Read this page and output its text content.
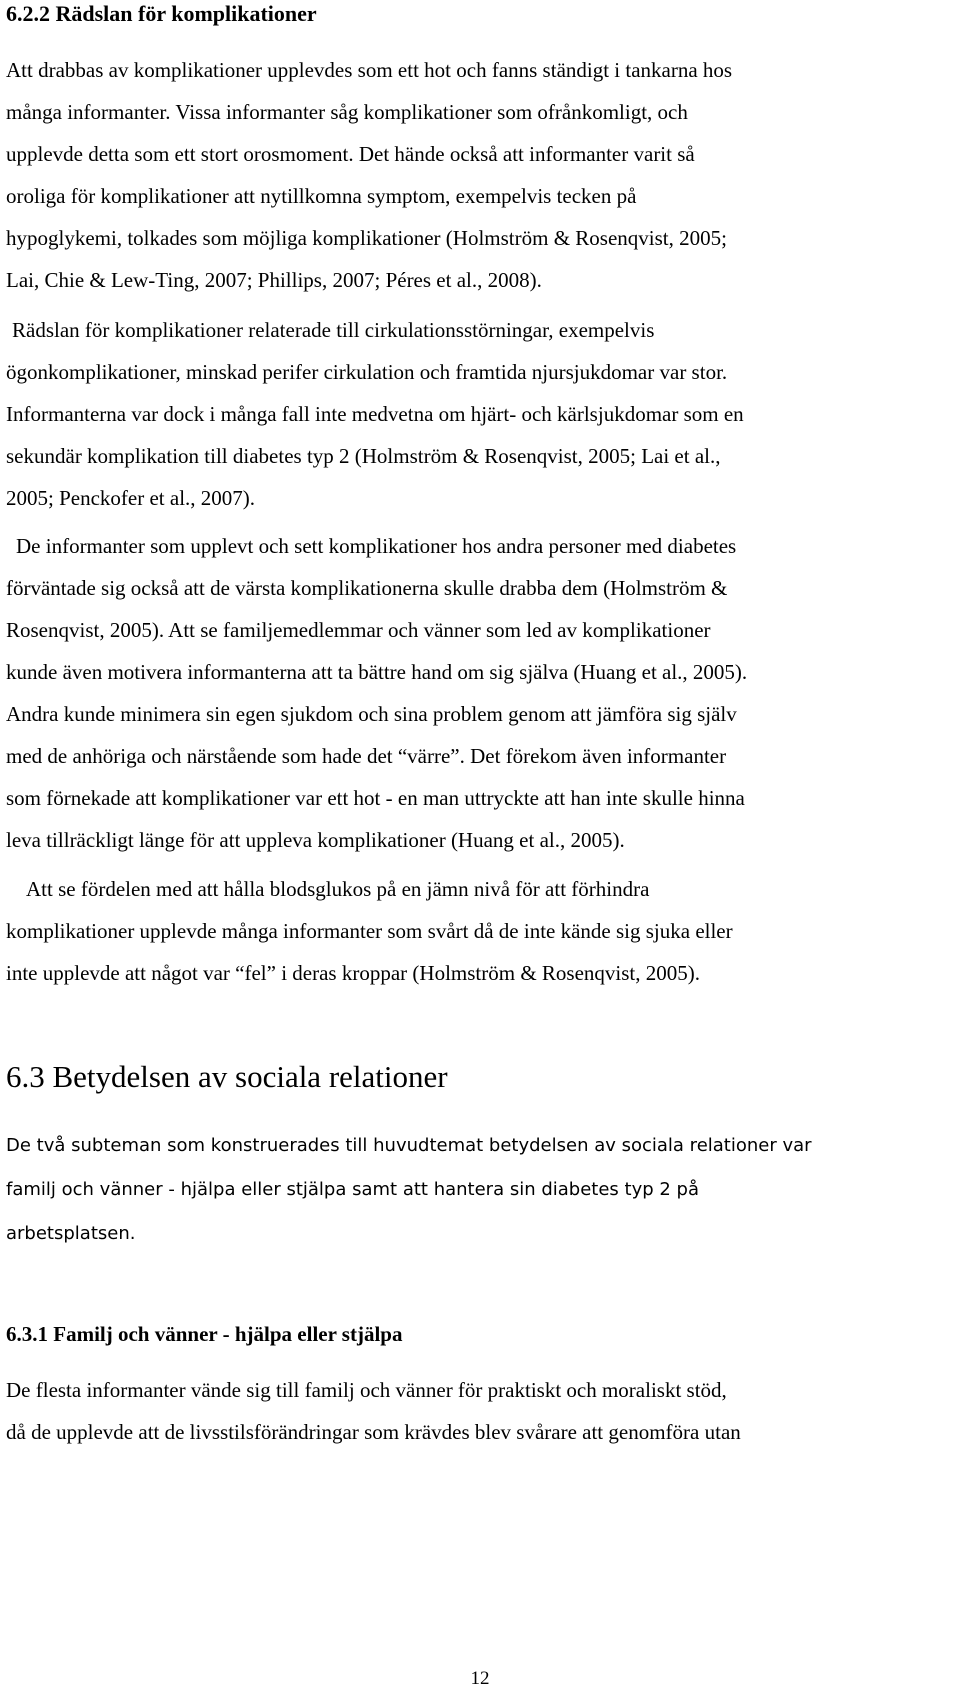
6.2.2 Rädslan för komplikationer
Att drabbas av komplikationer upplevdes som ett hot och fanns ständigt i tankarna hos
många informanter. Vissa informanter såg komplikationer som ofrånkomligt, och
upplevde detta som ett stort orosmoment. Det hände också att informanter varit så
oroliga för komplikationer att nytillkomna symptom, exempelvis tecken på
hypoglykemi, tolkades som möjliga komplikationer (Holmström & Rosenqvist, 2005;
Lai, Chie & Lew-Ting, 2007; Phillips, 2007; Péres et al., 2008).
Rädslan för komplikationer relaterade till cirkulationsstörningar, exempelvis
ögonkomplikationer, minskad perifer cirkulation och framtida njursjukdomar var stor.
Informanterna var dock i många fall inte medvetna om hjärt- och kärlsjukdomar som en
sekundär komplikation till diabetes typ 2 (Holmström & Rosenqvist, 2005; Lai et al.,
2005; Penckofer et al., 2007).
De informanter som upplevt och sett komplikationer hos andra personer med diabetes
förväntade sig också att de värsta komplikationerna skulle drabba dem (Holmström &
Rosenqvist, 2005). Att se familjemedlemmar och vänner som led av komplikationer
kunde även motivera informanterna att ta bättre hand om sig själva (Huang et al., 2005).
Andra kunde minimera sin egen sjukdom och sina problem genom att jämföra sig själv
med de anhöriga och närstående som hade det “värre”. Det förekom även informanter
som förnekade att komplikationer var ett hot - en man uttryckte att han inte skulle hinna
leva tillräckligt länge för att uppleva komplikationer (Huang et al., 2005).
Att se fördelen med att hålla blodsglukos på en jämn nivå för att förhindra
komplikationer upplevde många informanter som svårt då de inte kände sig sjuka eller
inte upplevde att något var “fel” i deras kroppar (Holmström & Rosenqvist, 2005).
6.3 Betydelsen av sociala relationer
De två subteman som konstruerades till huvudtemat betydelsen av sociala relationer var
familj och vänner - hjälpa eller stjälpa samt att hantera sin diabetes typ 2 på
arbetsplatsen.
6.3.1 Familj och vänner - hjälpa eller stjälpa
De flesta informanter vände sig till familj och vänner för praktiskt och moraliskt stöd,
då de upplevde att de livsstilsförändringar som krävdes blev svårare att genomföra utan
12
